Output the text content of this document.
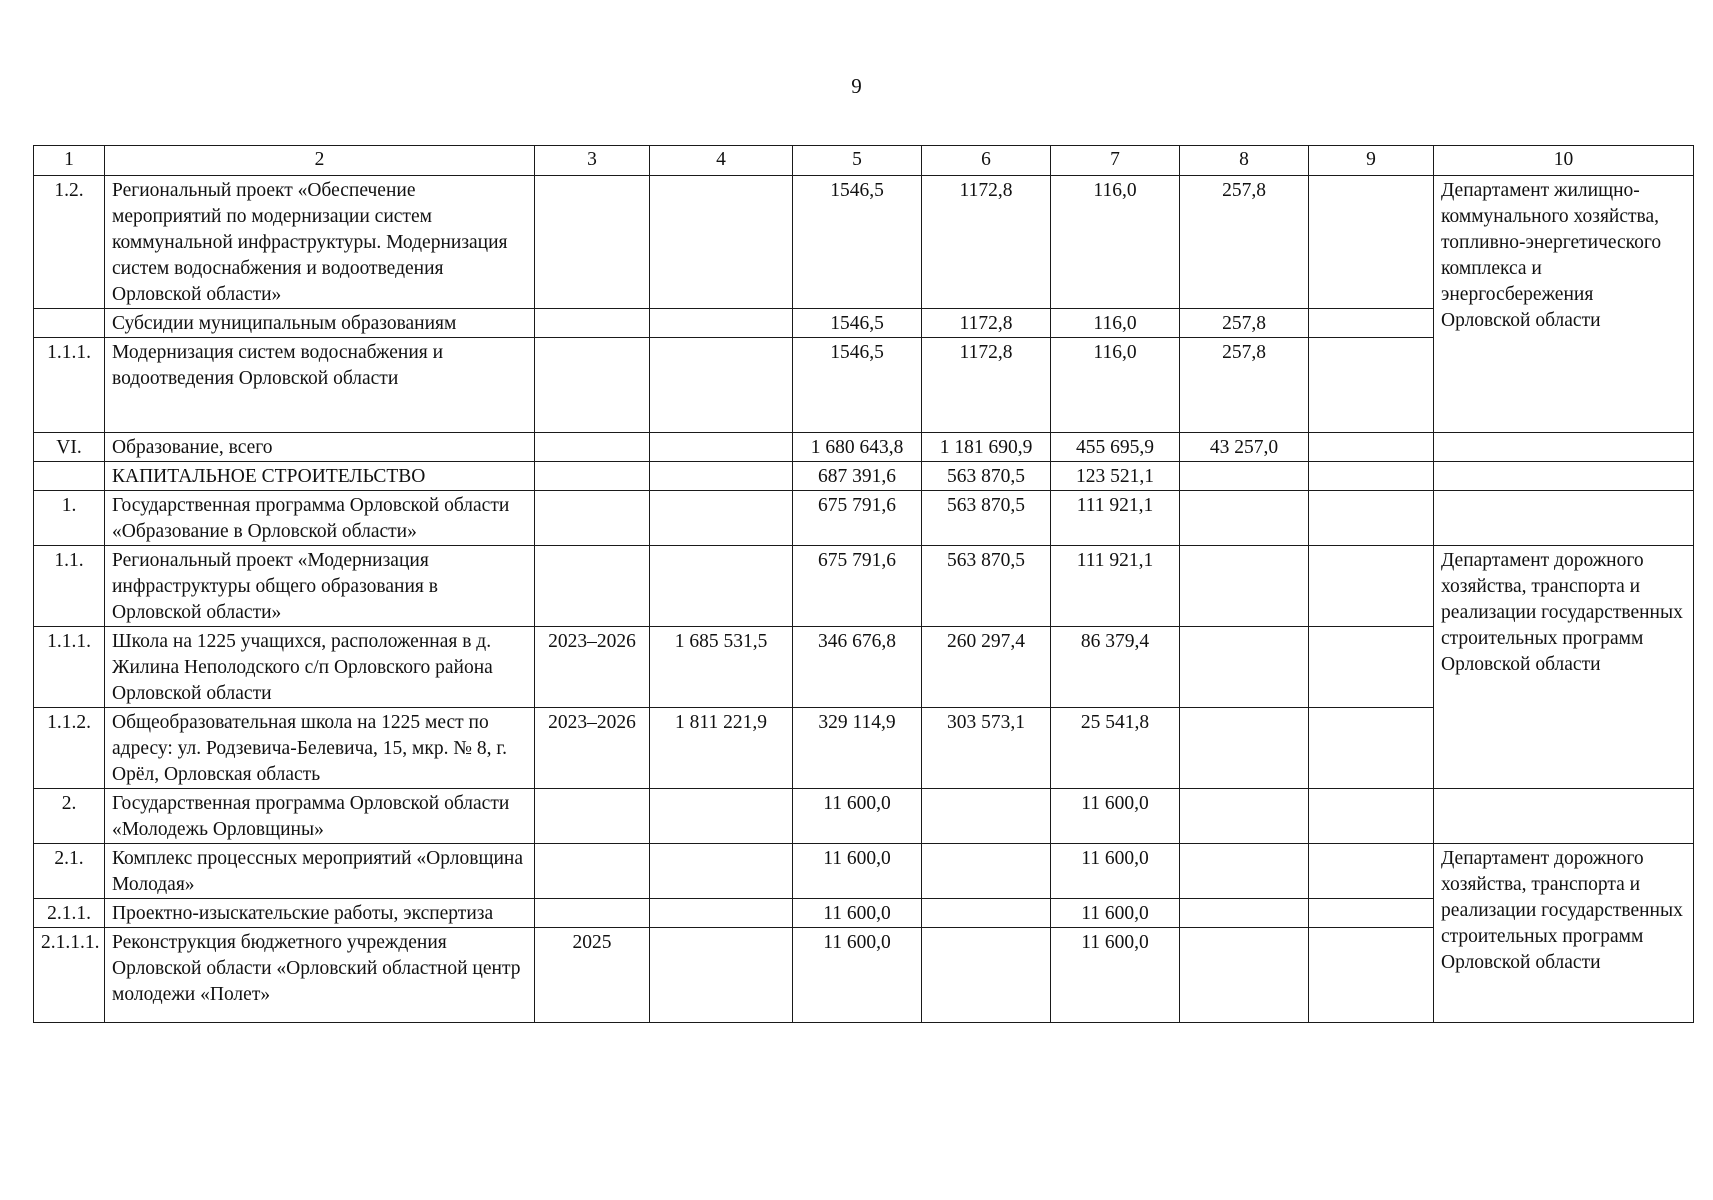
9
1	2	3	4	5	6	7	8	9	10
1.2.	Региональный проект «Обеспечение мероприятий по модернизации систем коммунальной инфраструктуры. Модернизация систем водоснабжения и водоотведения Орловской области»			1546,5	1172,8	116,0	257,8		Департамент жилищно-коммунального хозяйства, топливно-энергетического комплекса и энергосбережения Орловской области
	Субсидии муниципальным образованиям			1546,5	1172,8	116,0	257,8		
1.1.1.	Модернизация систем водоснабжения и водоотведения Орловской области			1546,5	1172,8	116,0	257,8		
VI.	Образование, всего			1 680 643,8	1 181 690,9	455 695,9	43 257,0		
	КАПИТАЛЬНОЕ СТРОИТЕЛЬСТВО			687 391,6	563 870,5	123 521,1			
1.	Государственная программа Орловской области «Образование в Орловской области»			675 791,6	563 870,5	111 921,1			
1.1.	Региональный проект «Модернизация инфраструктуры общего образования в Орловской области»			675 791,6	563 870,5	111 921,1			Департамент дорожного хозяйства, транспорта и реализации государственных строительных программ Орловской области
1.1.1.	Школа на 1225 учащихся, расположенная в д. Жилина Неполодского с/п Орловского района Орловской области	2023–2026	1 685 531,5	346 676,8	260 297,4	86 379,4			
1.1.2.	Общеобразовательная школа на 1225 мест по адресу: ул. Родзевича-Белевича, 15, мкр. № 8, г. Орёл, Орловская область	2023–2026	1 811 221,9	329 114,9	303 573,1	25 541,8			
2.	Государственная программа Орловской области «Молодежь Орловщины»			11 600,0		11 600,0			
2.1.	Комплекс процессных мероприятий «Орловщина Молодая»			11 600,0		11 600,0			Департамент дорожного хозяйства, транспорта и реализации государственных строительных программ Орловской области
2.1.1.	Проектно-изыскательские работы, экспертиза			11 600,0		11 600,0			
2.1.1.1.	Реконструкция бюджетного учреждения Орловской области «Орловский областной центр молодежи «Полет»	2025		11 600,0		11 600,0			
